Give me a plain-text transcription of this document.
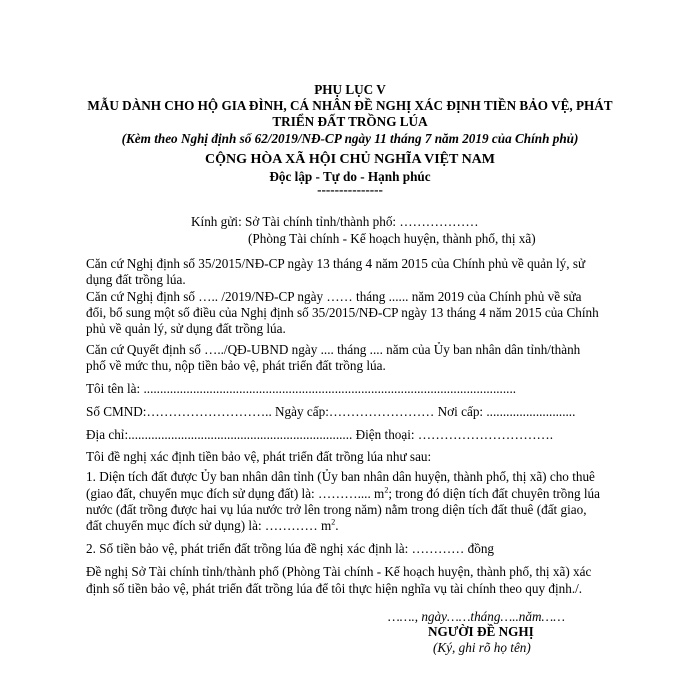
PHỤ LỤC V
MẪU DÀNH CHO HỘ GIA ĐÌNH, CÁ NHÂN ĐỀ NGHỊ XÁC ĐỊNH TIỀN BẢO VỆ, PHÁT
TRIỂN ĐẤT TRỒNG LÚA
(Kèm theo Nghị định số 62/2019/NĐ-CP ngày 11 tháng 7 năm 2019 của Chính phủ)
CỘNG HÒA XÃ HỘI CHỦ NGHĨA VIỆT NAM
Độc lập - Tự do - Hạnh phúc
---------------
Kính gửi: Sở Tài chính tỉnh/thành phố: ………………
(Phòng Tài chính - Kế hoạch huyện, thành phố, thị xã)
Căn cứ Nghị định số 35/2015/NĐ-CP ngày 13 tháng 4 năm 2015 của Chính phủ về quản lý, sử
dụng đất trồng lúa.
Căn cứ Nghị định số ….. /2019/NĐ-CP ngày …… tháng ...... năm 2019 của Chính phủ về sửa
đổi, bổ sung một số điều của Nghị định số 35/2015/NĐ-CP ngày 13 tháng 4 năm 2015 của Chính
phủ về quản lý, sử dụng đất trồng lúa.
Căn cứ Quyết định số …../QĐ-UBND ngày .... tháng .... năm của Ủy ban nhân dân tỉnh/thành
phố về mức thu, nộp tiền bảo vệ, phát triển đất trồng lúa.
Tôi tên là: .................................................................................................................
Số CMND:……………………….. Ngày cấp:…………………… Nơi cấp: ...........................
Địa chỉ:.................................................................... Điện thoại: ………………………….
Tôi đề nghị xác định tiền bảo vệ, phát triển đất trồng lúa như sau:
1. Diện tích đất được Ủy ban nhân dân tỉnh (Ủy ban nhân dân huyện, thành phố, thị xã) cho thuê
(giao đất, chuyển mục đích sử dụng đất) là: ……….... $m^2$; trong đó diện tích đất chuyên trồng lúa
nước (đất trồng được hai vụ lúa nước trở lên trong năm) nằm trong diện tích đất thuê (đất giao,
đất chuyển mục đích sử dụng) là: ………… $m^2$.
2. Số tiền bảo vệ, phát triển đất trồng lúa đề nghị xác định là: ………… đồng
Đề nghị Sở Tài chính tỉnh/thành phố (Phòng Tài chính - Kế hoạch huyện, thành phố, thị xã) xác
định số tiền bảo vệ, phát triển đất trồng lúa để tôi thực hiện nghĩa vụ tài chính theo quy định./.
……., ngày……tháng…..năm……
NGƯỜI ĐỀ NGHỊ
(Ký, ghi rõ họ tên)
